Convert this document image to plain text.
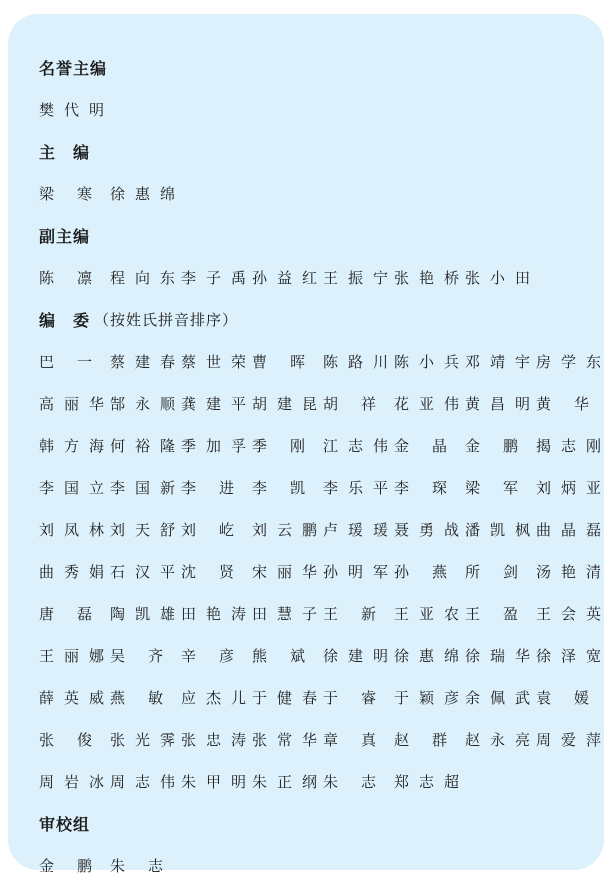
名誉主编
樊代明
主　编
梁　寒	徐惠绵
副主编
陈　凛	程向东 李子禹 孙益红 王振宁 张艳桥 张小田
编　委 （按姓氏拼音排序）
巴　一	蔡建春 蔡世荣 曹　晖	陈路川 陈小兵 邓靖宇 房学东
高丽华 郜永顺 龚建平 胡建昆 胡　祥	花亚伟 黄昌明 黄　华
韩方海 何裕隆 季加孚 季　刚	江志伟 金　晶	金　鹏	揭志刚
李国立 李国新 李　进	李　凯	李乐平 李　琛	梁　军	刘炳亚
刘凤林 刘天舒 刘　屹	刘云鹏 卢瑗瑗 聂勇战 潘凯枫 曲晶磊
曲秀娟 石汉平 沈　贤	宋丽华 孙明军 孙　燕	所　剑	汤艳清
唐　磊	陶凯雄 田艳涛 田慧子 王　新	王亚农 王　盈	王会英
王丽娜 吴　齐	辛　彦	熊　斌	徐建明 徐惠绵 徐瑞华 徐泽宽
薛英威 燕　敏	应杰儿 于健春 于　睿	于颖彦 余佩武 袁　媛
张　俊	张光霁 张忠涛 张常华 章　真	赵　群	赵永亮 周爱萍
周岩冰 周志伟 朱甲明 朱正纲 朱　志	郑志超
审校组
金　鹏	朱　志
